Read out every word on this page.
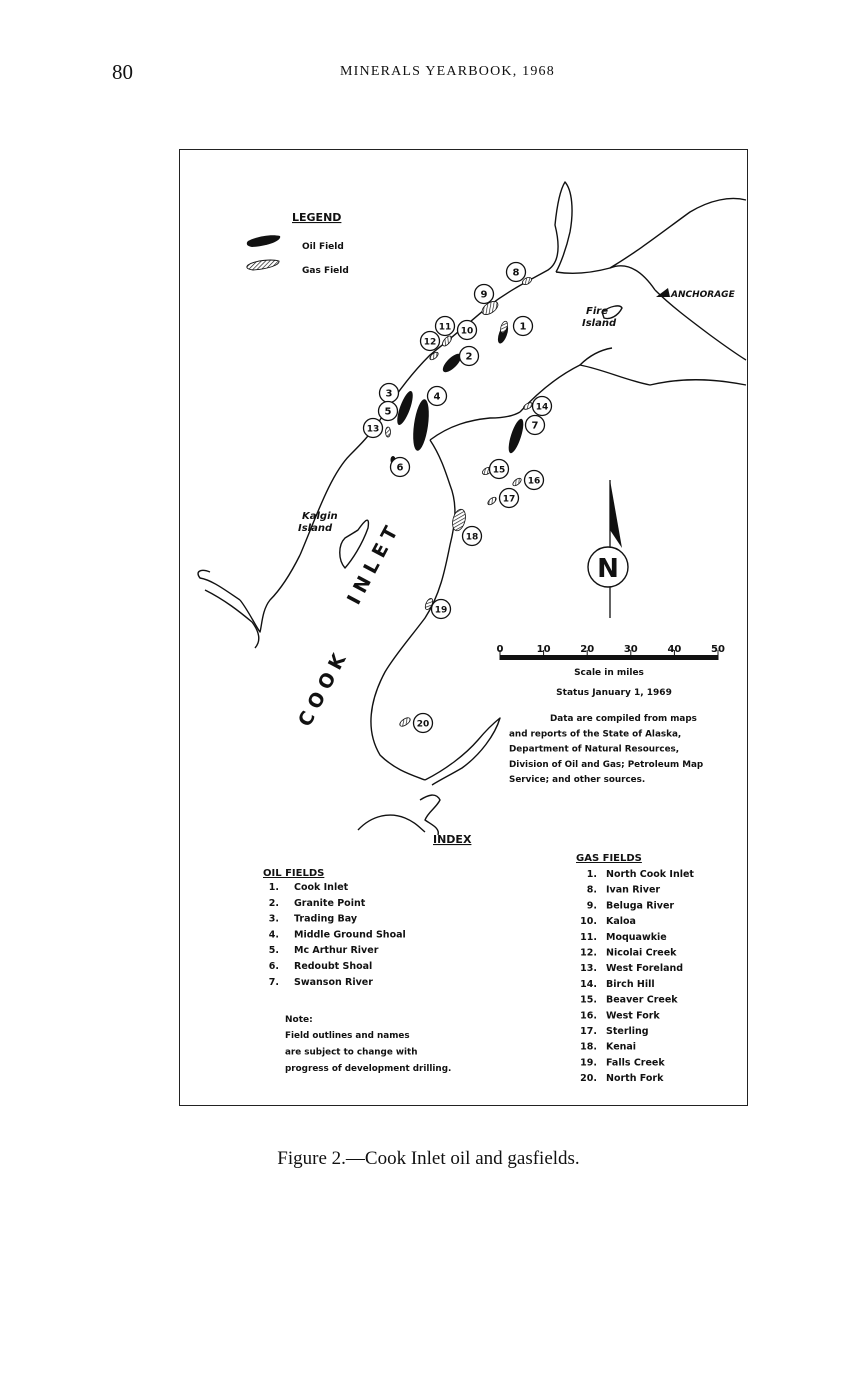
80	MINERALS YEARBOOK, 1968
ANCHORAGE
Fire
Island
Kalgin
Island
COOK
INLET
LEGEND
Oil Field
Gas Field
1
2
3	4
5
6
7
8
9
10
11
12
13
14
15
16
17
18
19
20
N
Scale in miles
0	10	20	30	40	50
Status January 1, 1969
Data are compiled from maps
and reports of the State of Alaska,
Department of Natural Resources,
Division of Oil and Gas; Petroleum Map
Service; and other sources.
INDEX
OIL FIELDS
1. Cook Inlet
2. Granite Point
3. Trading Bay
4. Middle Ground Shoal
5. Mc Arthur River
6. Redoubt Shoal
7. Swanson River
Note:
Field outlines and names
are subject to change with
progress of development drilling.
GAS FIELDS
1. North Cook Inlet
8. Ivan River
9. Beluga River
10. Kaloa
11. Moquawkie
12. Nicolai Creek
13. West Foreland
14. Birch Hill
15. Beaver Creek
16. West Fork
17. Sterling
18. Kenai
19. Falls Creek
20. North Fork
Figure 2.—Cook Inlet oil and gasfields.
